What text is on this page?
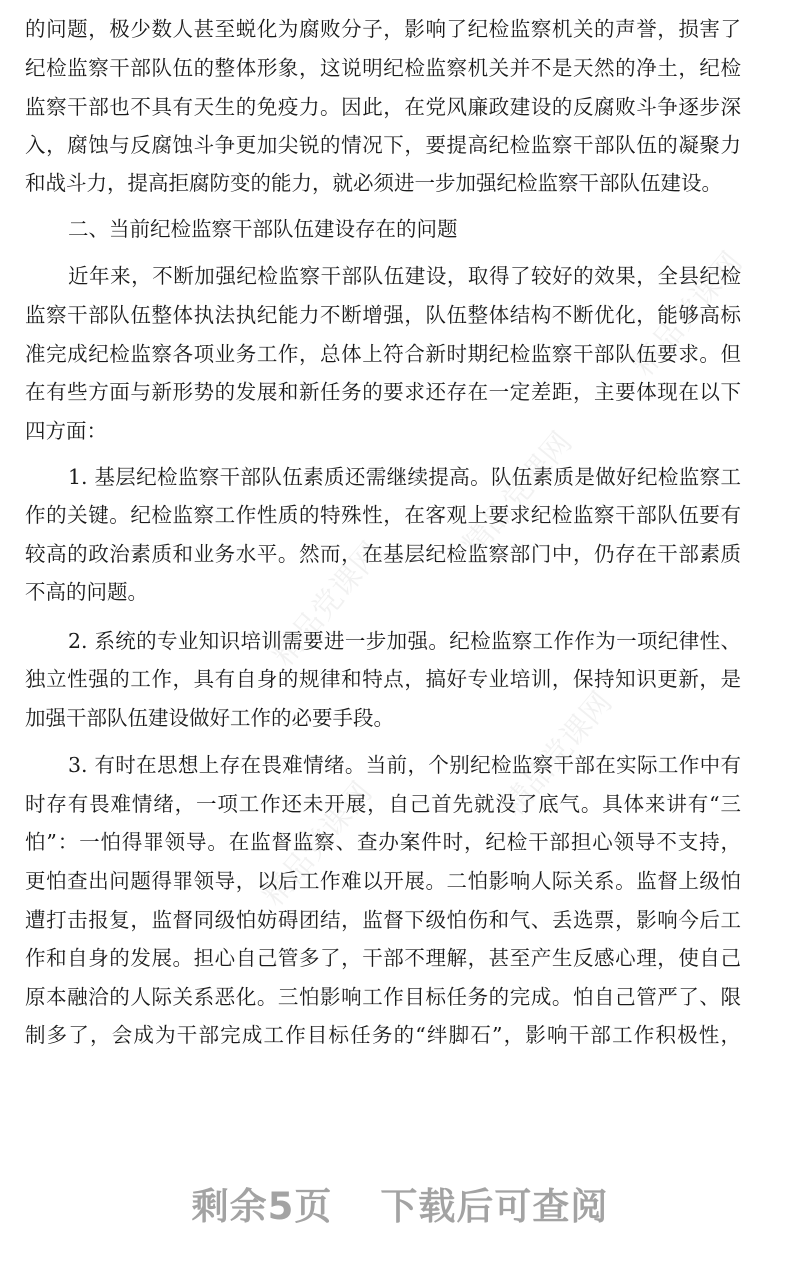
精品党课网
精品党课网
精品党课网
精品党课网
精品党课网
的问题，极少数人甚至蜕化为腐败分子，影响了纪检监察机关的声誉，损害了
纪检监察干部队伍的整体形象，这说明纪检监察机关并不是天然的净土，纪检
监察干部也不具有天生的免疫力。因此，在党风廉政建设的反腐败斗争逐步深
入，腐蚀与反腐蚀斗争更加尖锐的情况下，要提高纪检监察干部队伍的凝聚力
和战斗力，提高拒腐防变的能力，就必须进一步加强纪检监察干部队伍建设。
二、当前纪检监察干部队伍建设存在的问题
近年来，不断加强纪检监察干部队伍建设，取得了较好的效果，全县纪检
监察干部队伍整体执法执纪能力不断增强，队伍整体结构不断优化，能够高标
准完成纪检监察各项业务工作，总体上符合新时期纪检监察干部队伍要求。但
在有些方面与新形势的发展和新任务的要求还存在一定差距，主要体现在以下
四方面：
1. 基层纪检监察干部队伍素质还需继续提高。队伍素质是做好纪检监察工
作的关键。纪检监察工作性质的特殊性，在客观上要求纪检监察干部队伍要有
较高的政治素质和业务水平。然而，在基层纪检监察部门中，仍存在干部素质
不高的问题。
2. 系统的专业知识培训需要进一步加强。纪检监察工作作为一项纪律性、
独立性强的工作，具有自身的规律和特点，搞好专业培训，保持知识更新，是
加强干部队伍建设做好工作的必要手段。
3. 有时在思想上存在畏难情绪。当前，个别纪检监察干部在实际工作中有
时存有畏难情绪，一项工作还未开展，自己首先就没了底气。具体来讲有“三
怕”：一怕得罪领导。在监督监察、查办案件时，纪检干部担心领导不支持，
更怕查出问题得罪领导，以后工作难以开展。二怕影响人际关系。监督上级怕
遭打击报复，监督同级怕妨碍团结，监督下级怕伤和气、丢选票，影响今后工
作和自身的发展。担心自己管多了，干部不理解，甚至产生反感心理，使自己
原本融洽的人际关系恶化。三怕影响工作目标任务的完成。怕自己管严了、限
制多了，会成为干部完成工作目标任务的“绊脚石”，影响干部工作积极性，
剩余5页 下载后可查阅
